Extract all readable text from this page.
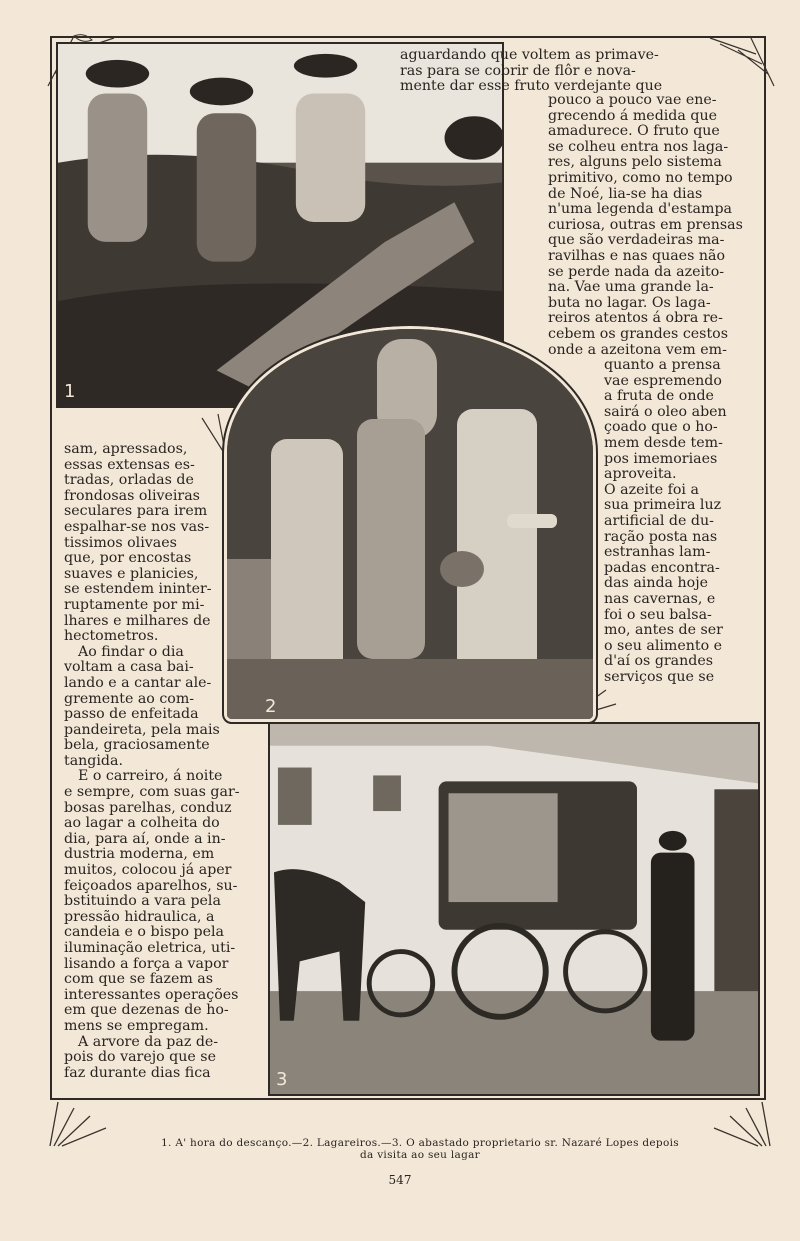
1
2
3
aguardando que voltem as primave-
ras para se cobrir de flôr e nova-
mente dar esse fruto verdejante que
pouco a pouco vae ene-
grecendo á medida que
amadurece. O fruto que
se colheu entra nos laga-
res, alguns pelo sistema
primitivo, como no tempo
de Noé, lia-se ha dias
n'uma legenda d'estampa
curiosa, outras em prensas
que são verdadeiras ma-
ravilhas e nas quaes não
se perde nada da azeito-
na. Vae uma grande la-
buta no lagar. Os laga-
reiros atentos á obra re-
cebem os grandes cestos
onde a azeitona vem em-
quanto a prensa
vae espremendo
a fruta de onde
sairá o oleo aben
çoado que o ho-
mem desde tem-
pos imemoriaes
aproveita.
O azeite foi a
sua primeira luz
artificial de du-
ração posta nas
estranhas lam-
padas encontra-
das ainda hoje
nas cavernas, e
foi o seu balsa-
mo, antes de ser
o seu alimento e
d'aí os grandes
serviços que se
sam, apressados,
essas extensas es-
tradas, orladas de
frondosas oliveiras
seculares para irem
espalhar-se nos vas-
tissimos olivaes
que, por encostas
suaves e planicies,
se estendem ininter-
ruptamente por mi-
lhares e milhares de
hectometros.
Ao findar o dia
voltam a casa bai-
lando e a cantar ale-
gremente ao com-
passo de enfeitada
pandeireta, pela mais
bela, graciosamente
tangida.
E o carreiro, á noite
e sempre, com suas gar-
bosas parelhas, conduz
ao lagar a colheita do
dia, para aí, onde a in-
dustria moderna, em
muitos, colocou já aper
feiçoados aparelhos, su-
bstituindo a vara pela
pressão hidraulica, a
candeia e o bispo pela
iluminação eletrica, uti-
lisando a força a vapor
com que se fazem as
interessantes operações
em que dezenas de ho-
mens se empregam.
A arvore da paz de-
pois do varejo que se
faz durante dias fica
1. A' hora do descanço.—2. Lagareiros.—3. O abastado proprietario sr. Nazaré Lopes depois
da visita ao seu lagar
547
